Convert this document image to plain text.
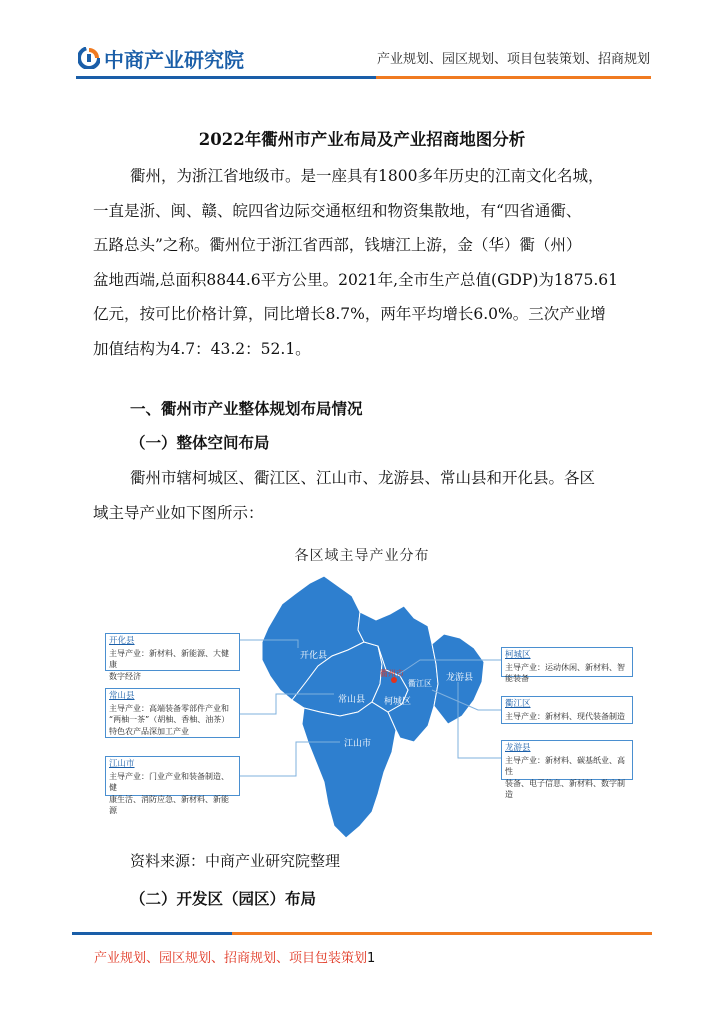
中商产业研究院	产业规划、园区规划、项目包装策划、招商规划
2022年衢州市产业布局及产业招商地图分析
衢州，为浙江省地级市。是一座具有1800多年历史的江南文化名城，
一直是浙、闽、赣、皖四省边际交通枢纽和物资集散地，有“四省通衢、
五路总头”之称。衢州位于浙江省西部，钱塘江上游，金（华）衢（州）
盆地西端,总面积8844.6平方公里。2021年,全市生产总值(GDP)为1875.61
亿元，按可比价格计算，同比增长8.7%，两年平均增长6.0%。三次产业增
加值结构为4.7：43.2：52.1。
一、衢州市产业整体规划布局情况
（一）整体空间布局
衢州市辖柯城区、衢江区、江山市、龙游县、常山县和开化县。各区
域主导产业如下图所示：
各区域主导产业分布
开化县
常山县
江山市
柯城区
衢江区
龙游县
衢州市
开化县
主导产业：新材料、新能源、大健康
数字经济
常山县
主导产业：高端装备零部件产业和
“两柚一茶”（胡柚、香柚、油茶）
特色农产品深加工产业
江山市
主导产业：门业产业和装备制造、健
康生活、消防应急、新材料、新能源
柯城区
主导产业：运动休闲、新材料、智能装备
衢江区
主导产业：新材料、现代装备制造
龙游县
主导产业：新材料、碳基纸业、高性
装备、电子信息、新材料、数字制造
资料来源：中商产业研究院整理
（二）开发区（园区）布局
产业规划、园区规划、招商规划、项目包装策划1
